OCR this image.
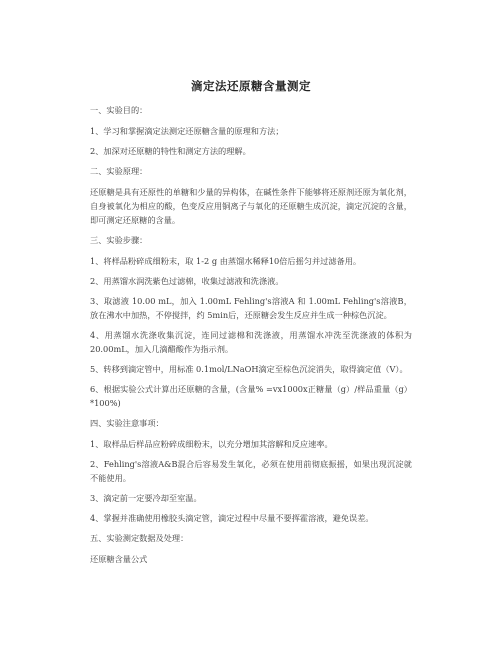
滴定法还原糖含量测定

一、实验目的：

1、学习和掌握滴定法测定还原糖含量的原理和方法；

2、加深对还原糖的特性和测定方法的理解。

二、实验原理：

还原糖是具有还原性的单糖和少量的异构体，在碱性条件下能够将还原剂还原为氧化剂，自身被氧化为相应的酸，色变反应用铜离子与氧化的还原糖生成沉淀，滴定沉淀的含量，即可测定还原糖的含量。

三、实验步骤：

1、将样品粉碎成细粉末，取 1-2 g 由蒸馏水稀释10倍后摇匀并过滤备用。

2、用蒸馏水润洗紫色过滤棉，收集过滤液和洗涤液。

3、取滤液 10.00 mL，加入 1.00mL Fehling's溶液A 和 1.00mL Fehling's溶液B，放在沸水中加热，不停搅拌，约 5min后，还原糖会发生反应并生成一种棕色沉淀。

4、用蒸馏水洗涤收集沉淀，连同过滤棉和洗涤液，用蒸馏水冲洗至洗涤液的体积为20.00mL，加入几滴醋酸作为指示剂。

5、转移到滴定管中，用标准 0.1mol/LNaOH滴定至棕色沉淀消失，取得滴定值（V）。

6、根据实验公式计算出还原糖的含量，(含量% =vx1000x正糖量（g）/样品重量（g）*100%)

四、实验注意事项：

1、取样品后样品应粉碎成细粉末，以充分增加其溶解和反应速率。

2、Fehling's溶液A&B混合后容易发生氧化，必须在使用前彻底振摇，如果出现沉淀就不能使用。

3、滴定前一定要冷却至室温。

4、掌握并准确使用橡胶头滴定管，滴定过程中尽量不要挥霍溶液，避免误差。

五、实验测定数据及处理：

还原糖含量公式
